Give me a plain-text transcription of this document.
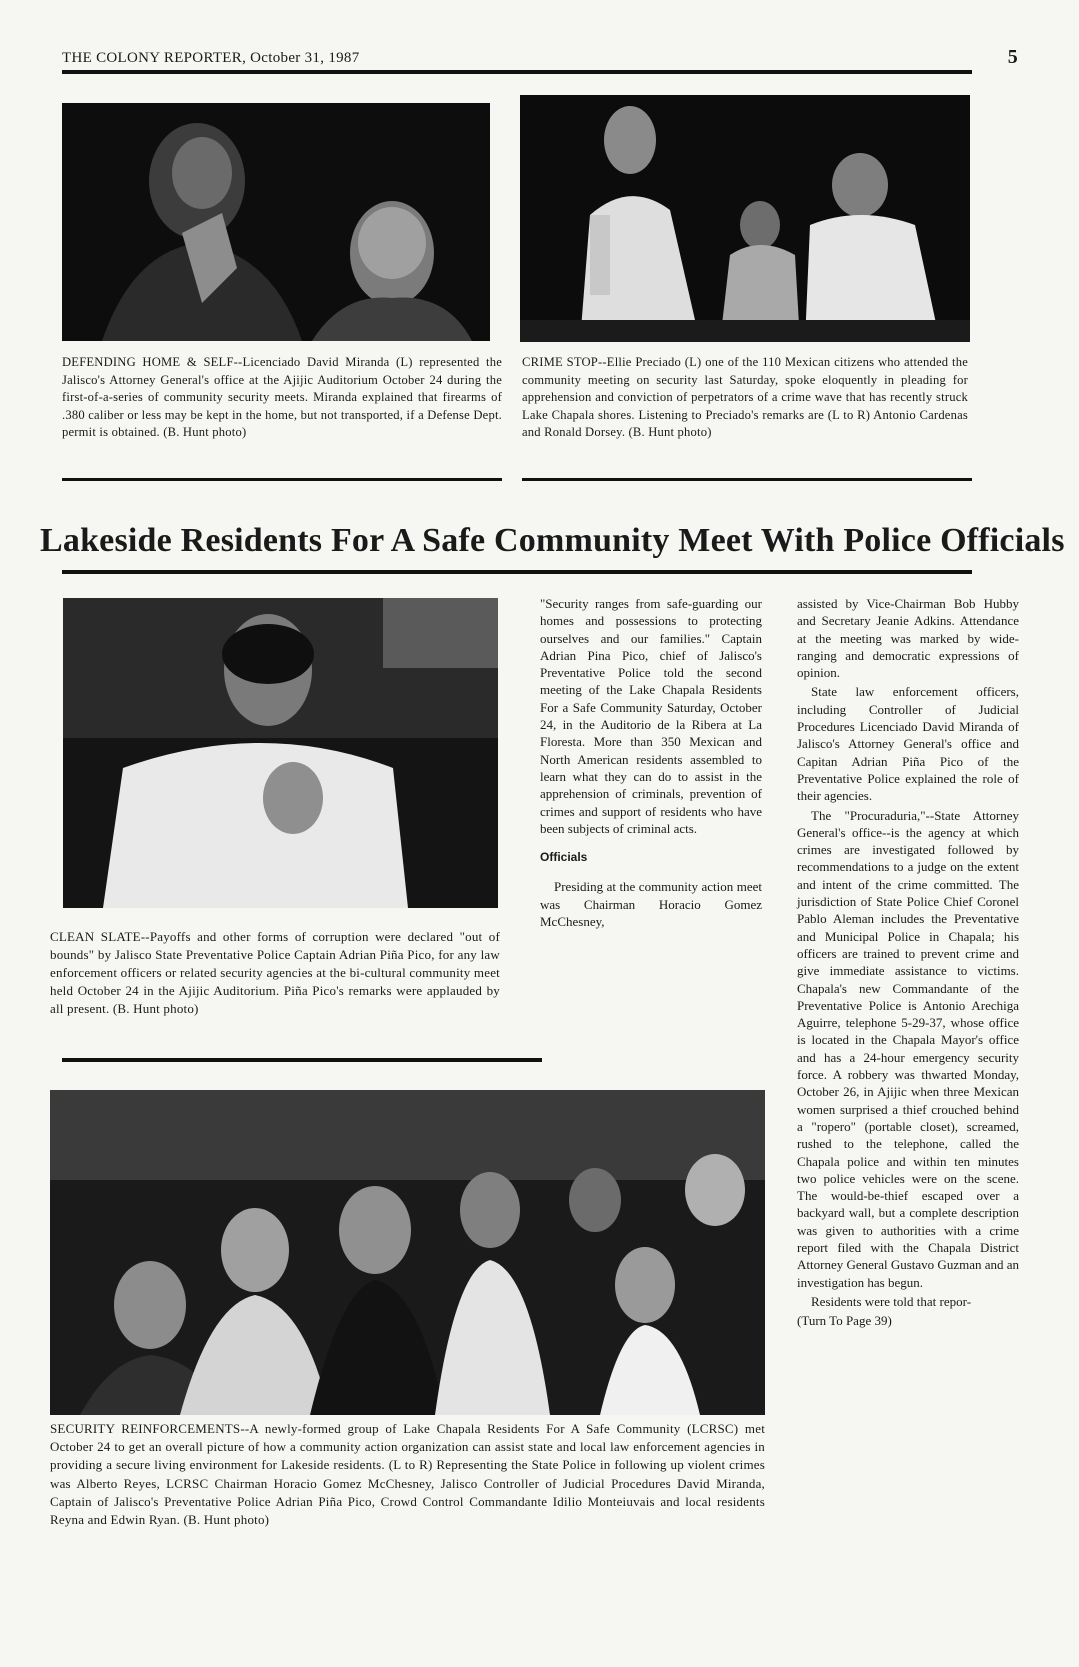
THE COLONY REPORTER, October 31, 1987	5
DEFENDING HOME & SELF--Licenciado David Miranda (L) represented the Jalisco's Attorney General's office at the Ajijic Auditorium October 24 during the first-of-a-series of community security meets. Miranda explained that firearms of .380 caliber or less may be kept in the home, but not transported, if a Defense Dept. permit is obtained. (B. Hunt photo)
CRIME STOP--Ellie Preciado (L) one of the 110 Mexican citizens who attended the community meeting on security last Saturday, spoke eloquently in pleading for apprehension and conviction of perpetrators of a crime wave that has recently struck Lake Chapala shores. Listening to Preciado's remarks are (L to R) Antonio Cardenas and Ronald Dorsey. (B. Hunt photo)
Lakeside Residents For A Safe Community Meet With Police Officials
CLEAN SLATE--Payoffs and other forms of corruption were declared "out of bounds" by Jalisco State Preventative Police Captain Adrian Piña Pico, for any law enforcement officers or related security agencies at the bi-cultural community meet held October 24 in the Ajijic Auditorium. Piña Pico's remarks were applauded by all present. (B. Hunt photo)

"Security ranges from safe-guarding our homes and possessions to protecting ourselves and our families." Captain Adrian Pina Pico, chief of Jalisco's Preventative Police told the second meeting of the Lake Chapala Residents For a Safe Community Saturday, October 24, in the Auditorio de la Ribera at La Floresta. More than 350 Mexican and North American residents assembled to learn what they can do to assist in the apprehension of criminals, prevention of crimes and support of residents who have been subjects of criminal acts.

Officials

Presiding at the community action meet was Chairman Horacio Gomez McChesney,

assisted by Vice-Chairman Bob Hubby and Secretary Jeanie Adkins. Attendance at the meeting was marked by wide-ranging and democratic expressions of opinion.

State law enforcement officers, including Controller of Judicial Procedures Licenciado David Miranda of Jalisco's Attorney General's office and Capitan Adrian Piña Pico of the Preventative Police explained the role of their agencies.

The "Procuraduria,"--State Attorney General's office--is the agency at which crimes are investigated followed by recommendations to a judge on the extent and intent of the crime committed. The jurisdiction of State Police Chief Coronel Pablo Aleman includes the Preventative and Municipal Police in Chapala; his officers are trained to prevent crime and give immediate assistance to victims. Chapala's new Commandante of the Preventative Police is Antonio Arechiga Aguirre, telephone 5-29-37, whose office is located in the Chapala Mayor's office and has a 24-hour emergency security force. A robbery was thwarted Monday, October 26, in Ajijic when three Mexican women surprised a thief crouched behind a "ropero" (portable closet), screamed, rushed to the telephone, called the Chapala police and within ten minutes two police vehicles were on the scene. The would-be-thief escaped over a backyard wall, but a complete description was given to authorities with a crime report filed with the Chapala District Attorney General Gustavo Guzman and an investigation has begun.

Residents were told that repor-

(Turn To Page 39)
SECURITY REINFORCEMENTS--A newly-formed group of Lake Chapala Residents For A Safe Community (LCRSC) met October 24 to get an overall picture of how a community action organization can assist state and local law enforcement agencies in providing a secure living environment for Lakeside residents. (L to R) Representing the State Police in following up violent crimes was Alberto Reyes, LCRSC Chairman Horacio Gomez McChesney, Jalisco Controller of Judicial Procedures David Miranda, Captain of Jalisco's Preventative Police Adrian Piña Pico, Crowd Control Commandante Idilio Monteiuvais and local residents Reyna and Edwin Ryan. (B. Hunt photo)
